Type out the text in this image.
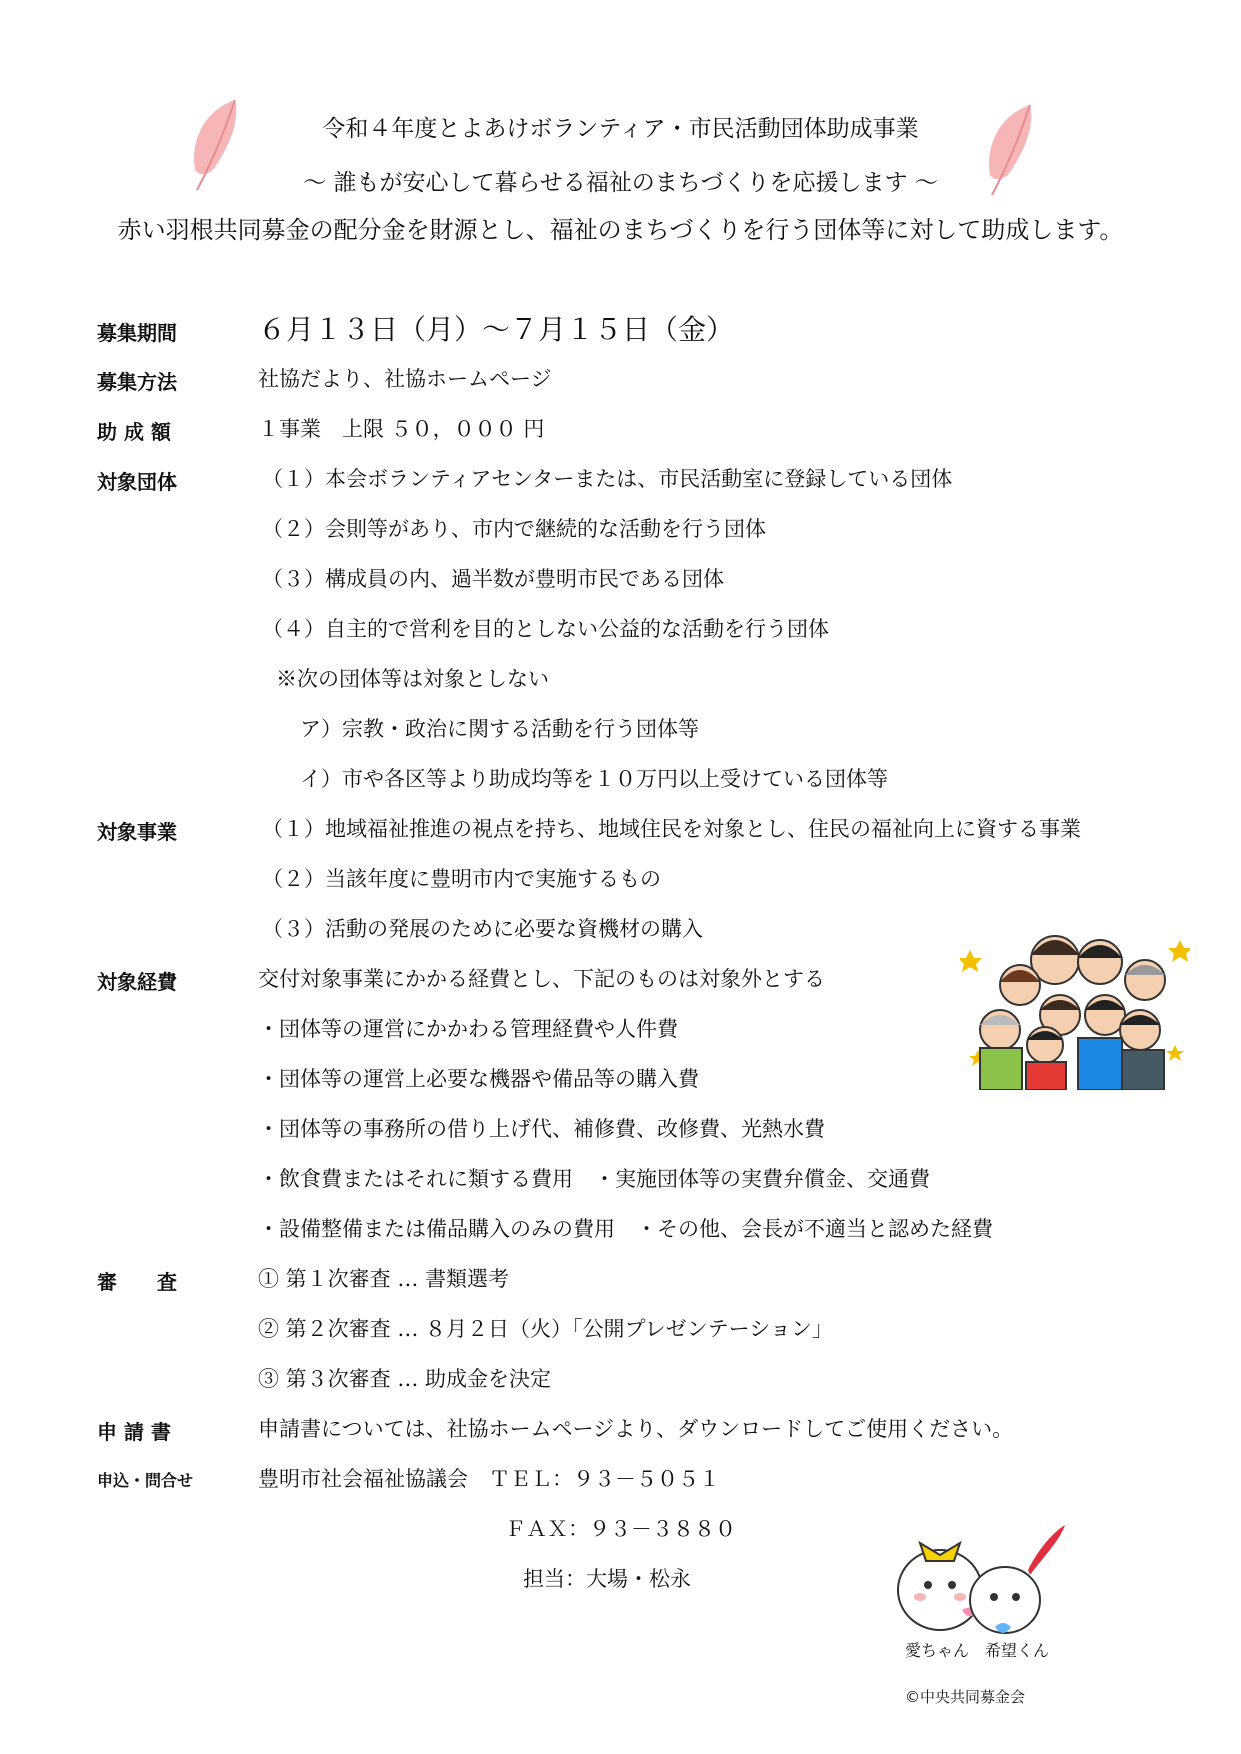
令和４年度とよあけボランティア・市民活動団体助成事業
～ 誰もが安心して暮らせる福祉のまちづくりを応援します ～
赤い羽根共同募金の配分金を財源とし、福祉のまちづくりを行う団体等に対して助成します。
募集期間	６月１３日（月）～７月１５日（金）
募集方法	社協だより、社協ホームページ
助 成 額	１事業　上限 ５０，０００ 円
対象団体	（１）本会ボランティアセンターまたは、市民活動室に登録している団体
（２）会則等があり、市内で継続的な活動を行う団体
（３）構成員の内、過半数が豊明市民である団体
（４）自主的で営利を目的としない公益的な活動を行う団体
※次の団体等は対象としない
ア）宗教・政治に関する活動を行う団体等
イ）市や各区等より助成均等を１０万円以上受けている団体等
対象事業	（１）地域福祉推進の視点を持ち、地域住民を対象とし、住民の福祉向上に資する事業
（２）当該年度に豊明市内で実施するもの
（３）活動の発展のために必要な資機材の購入
対象経費	交付対象事業にかかる経費とし、下記のものは対象外とする
・団体等の運営にかかわる管理経費や人件費
・団体等の運営上必要な機器や備品等の購入費
・団体等の事務所の借り上げ代、補修費、改修費、光熱水費
・飲食費またはそれに類する費用　・実施団体等の実費弁償金、交通費
・設備整備または備品購入のみの費用　・その他、会長が不適当と認めた経費
審　　査	① 第１次審査 … 書類選考
② 第２次審査 … ８月２日（火）「公開プレゼンテーション」
③ 第３次審査 … 助成金を決定
申 請 書	申請書については、社協ホームページより、ダウンロードしてご使用ください。
申込・問合せ	豊明市社会福祉協議会　ＴＥＬ：９３－５０５１
ＦＡＸ：９３－３８８０
担当：大場・松永
愛ちゃん　希望くん
©中央共同募金会
